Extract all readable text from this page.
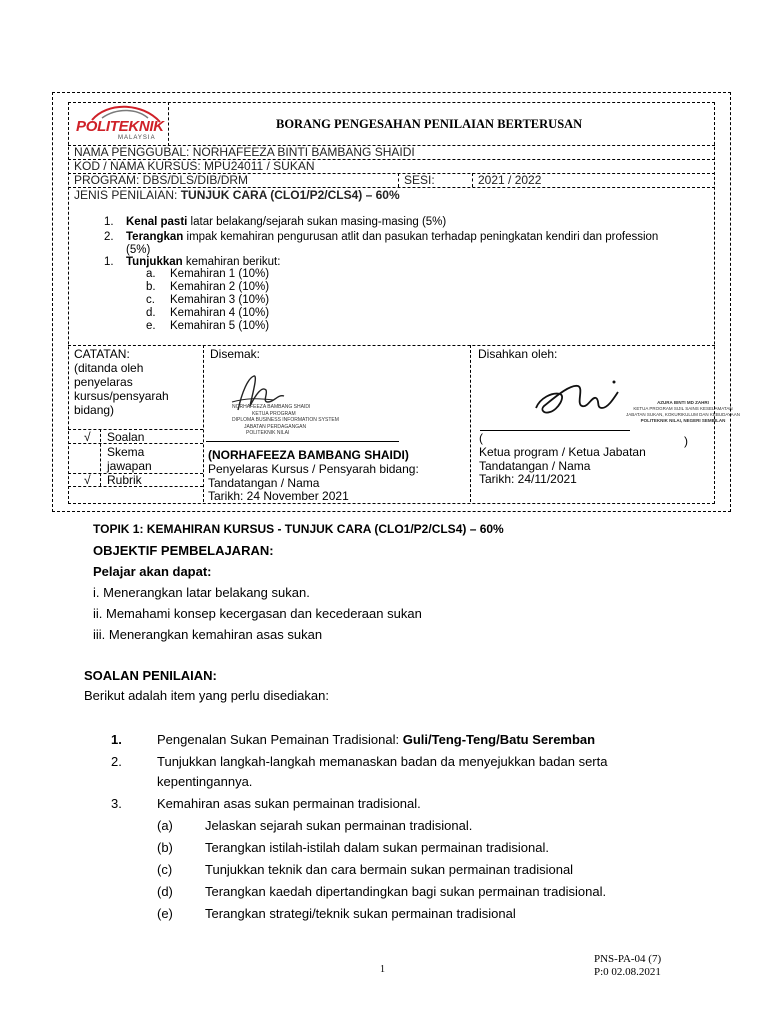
POLITEKNIK
MALAYSIA
BORANG PENGESAHAN PENILAIAN BERTERUSAN
NAMA PENGGUBAL: NORHAFEEZA BINTI BAMBANG SHAIDI
KOD / NAMA KURSUS: MPU24011 / SUKAN
PROGRAM: DBS/DLS/DIB/DRM	SESI:	2021 / 2022
JENIS PENILAIAN: TUNJUK CARA (CLO1/P2/CLS4) – 60%
1. Kenal pasti latar belakang/sejarah sukan masing-masing (5%)
2. Terangkan impak kemahiran pengurusan atlit dan pasukan terhadap peningkatan kendiri dan profession
(5%)
1. Tunjukkan kemahiran berikut:
a. Kemahiran 1 (10%)
b. Kemahiran 2 (10%)
c. Kemahiran 3 (10%)
d. Kemahiran 4 (10%)
e. Kemahiran 5 (10%)
CATATAN:
(ditanda oleh
penyelaras
kursus/pensyarah
bidang)
√ Soalan
Skema
jawapan
√ Rubrik
Disemak:
NORHAFEEZA BAMBANG SHAIDI
KETUA PROGRAM
DIPLOMA BUSINESS INFORMATION SYSTEM
JABATAN PERDAGANGAN
POLITEKNIK NILAI
(NORHAFEEZA BAMBANG SHAIDI)
Penyelaras Kursus / Pensyarah bidang:
Tandatangan / Nama
Tarikh: 24 November 2021
Disahkan oleh:
AZURA BINTI MD ZAHRI
KETUA PROGRAM SIJIL SAINS KESELAMATAN
JABATAN SUKAN, KOKURIKULUM DAN KEBUDAYAAN
POLITEKNIK NILAI, NEGERI SEMBILAN
(	)
Ketua program / Ketua Jabatan
Tandatangan / Nama
Tarikh: 24/11/2021
TOPIK 1: KEMAHIRAN KURSUS - TUNJUK CARA (CLO1/P2/CLS4) – 60%
OBJEKTIF PEMBELAJARAN:
Pelajar akan dapat:
i. Menerangkan latar belakang sukan.
ii. Memahami konsep kecergasan dan kecederaan sukan
iii. Menerangkan kemahiran asas sukan
SOALAN PENILAIAN:
Berikut adalah item yang perlu disediakan:
1.	Pengenalan Sukan Pemainan Tradisional: Guli/Teng-Teng/Batu Seremban
2.	Tunjukkan langkah-langkah memanaskan badan da menyejukkan badan serta
kepentingannya.
3.	Kemahiran asas sukan permainan tradisional.
(a) Jelaskan sejarah sukan permainan tradisional.
(b) Terangkan istilah-istilah dalam sukan permainan tradisional.
(c)	Tunjukkan teknik dan cara bermain sukan permainan tradisional
(d) Terangkan kaedah dipertandingkan bagi sukan permainan tradisional.
(e) Terangkan strategi/teknik sukan permainan tradisional
1
PNS-PA-04 (7)
P:0 02.08.2021
